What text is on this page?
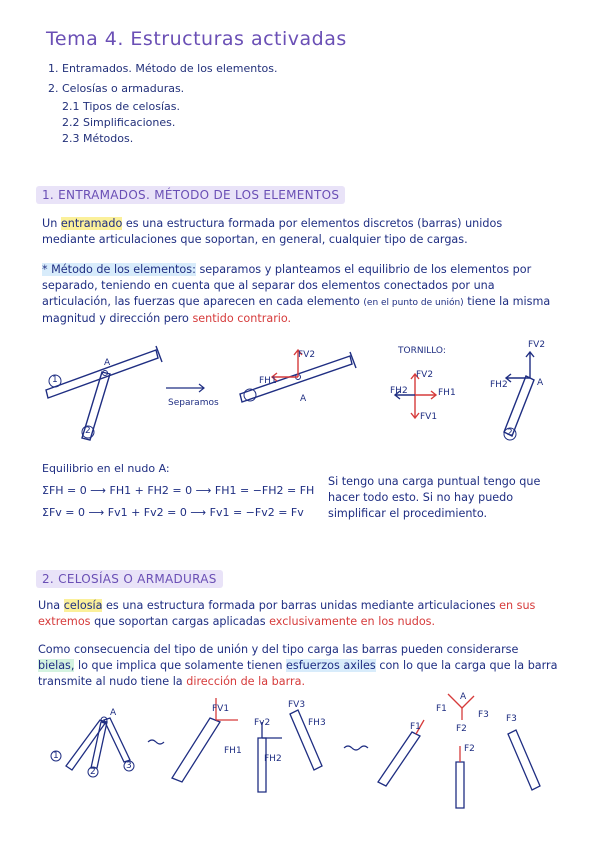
Tema 4. Estructuras activadas
1. Entramados. Método de los elementos.
2. Celosías o armaduras.
2.1 Tipos de celosías.
2.2 Simplificaciones.
2.3 Métodos.
1. ENTRAMADOS. MÉTODO DE LOS ELEMENTOS
Un entramado es una estructura formada por elementos discretos (barras) unidos mediante articulaciones que soportan, en general, cualquier tipo de cargas.
* Método de los elementos: separamos y planteamos el equilibrio de los elementos por separado, teniendo en cuenta que al separar dos elementos conectados por una articulación, las fuerzas que aparecen en cada elemento (en el punto de unión) tiene la misma magnitud y dirección pero sentido contrario.
A
1
2
Separamos
FV2
FH1
A
TORNILLO:
FV2
FH2	FH1
FV1
FV2
FH2	A
2
Equilibrio en el nudo A:
ΣFH = 0 ⟶ FH1 + FH2 = 0 ⟶ FH1 = −FH2 = FH
ΣFv = 0 ⟶ Fv1 + Fv2 = 0 ⟶ Fv1 = −Fv2 = Fv
Si tengo una carga puntual tengo que hacer todo esto. Si no hay puedo simplificar el procedimiento.
2. CELOSÍAS O ARMADURAS
Una celosía es una estructura formada por barras unidas mediante articulaciones en sus extremos que soportan cargas aplicadas exclusivamente en los nudos.
Como consecuencia del tipo de unión y del tipo carga las barras pueden considerarse bielas, lo que implica que solamente tienen esfuerzos axiles con lo que la carga que la barra transmite al nudo tiene la dirección de la barra.
A
1
2
3
FV1
FH1
Fv2
FH2
FV3
FH3
A
F1
F1	F2
F2
F3
F3
